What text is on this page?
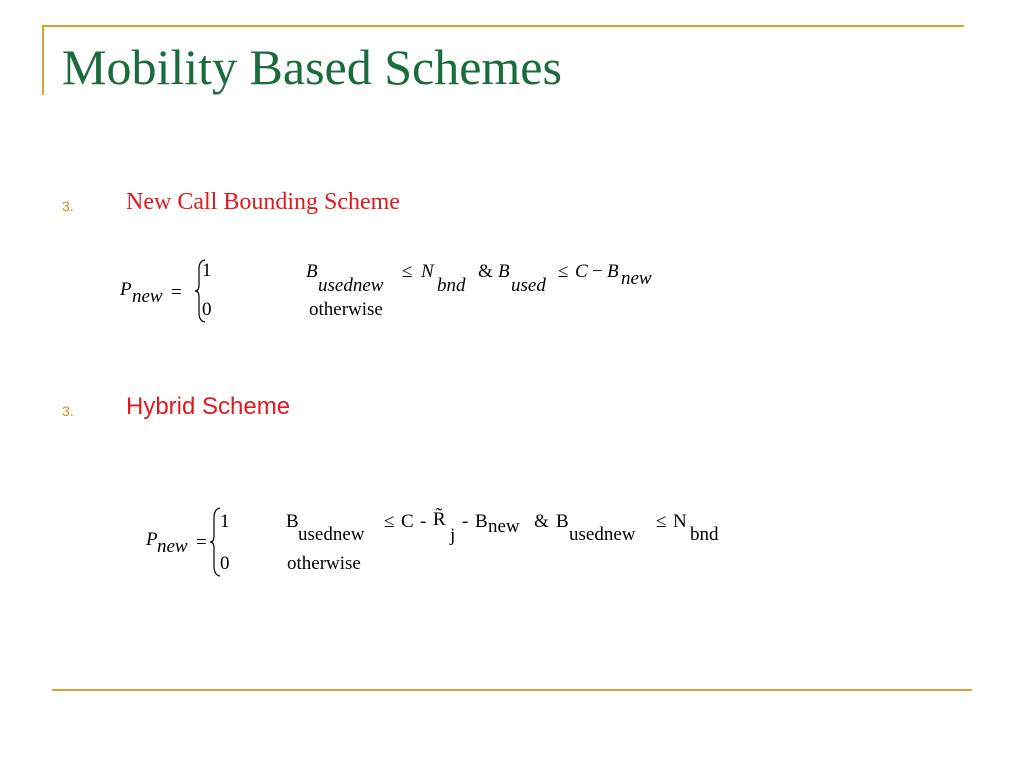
Mobility Based Schemes
3. New Call Bounding Scheme
P new =
1
0
B
usednew
≤ N
bnd
& B
used
≤ C − B new
otherwise
3. Hybrid Scheme
P new =
1
0
B
usednew
≤ C - R̃
j
- B new & B
usednew
≤ N
bnd
otherwise
